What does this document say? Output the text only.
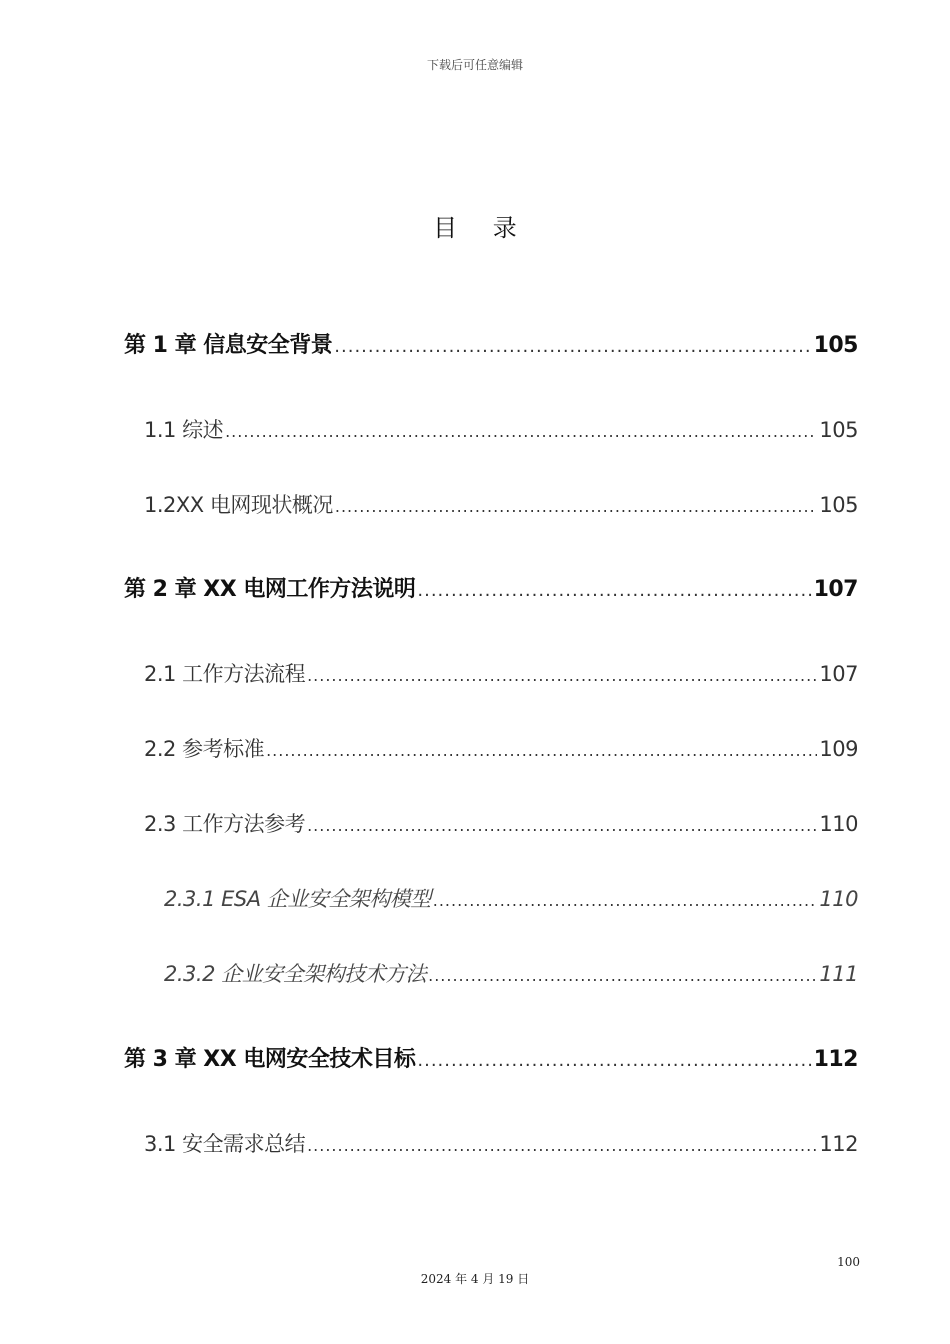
下载后可任意编辑
目 录
第 1 章 信息安全背景 .....	105
1.1 综述 .....	105
1.2XX 电网现状概况 .....	105
第 2 章 XX 电网工作方法说明 .....	107
2.1 工作方法流程 .....	107
2.2 参考标准 .....	109
2.3 工作方法参考 .....	110
2.3.1 ESA 企业安全架构模型 .....	110
2.3.2 企业安全架构技术方法 .....	111
第 3 章 XX 电网安全技术目标 .....	112
3.1 安全需求总结 .....	112
100
2024 年 4 月 19 日
